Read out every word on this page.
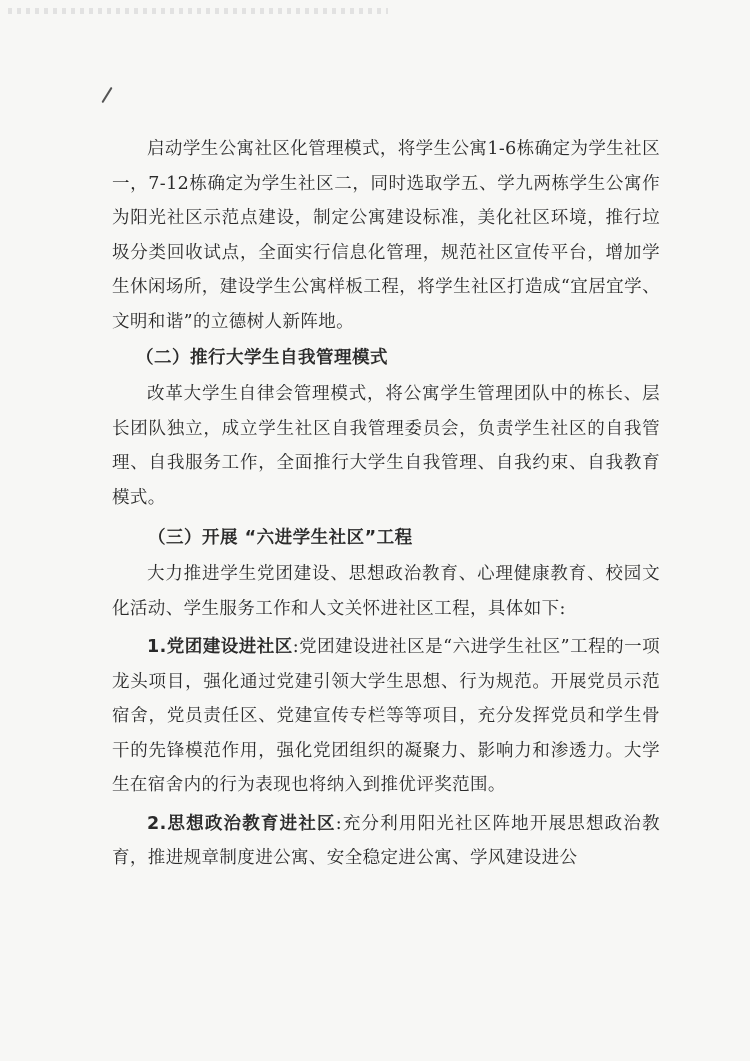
启动学生公寓社区化管理模式，将学生公寓1-6栋确定为学生社区一，7-12栋确定为学生社区二，同时选取学五、学九两栋学生公寓作为阳光社区示范点建设，制定公寓建设标准，美化社区环境，推行垃圾分类回收试点，全面实行信息化管理，规范社区宣传平台，增加学生休闲场所，建设学生公寓样板工程，将学生社区打造成“宜居宜学、文明和谐”的立德树人新阵地。

（二）推行大学生自我管理模式

改革大学生自律会管理模式，将公寓学生管理团队中的栋长、层长团队独立，成立学生社区自我管理委员会，负责学生社区的自我管理、自我服务工作，全面推行大学生自我管理、自我约束、自我教育模式。

（三）开展 “六进学生社区”工程

大力推进学生党团建设、思想政治教育、心理健康教育、校园文化活动、学生服务工作和人文关怀进社区工程，具体如下:

1.党团建设进社区:党团建设进社区是“六进学生社区”工程的一项龙头项目，强化通过党建引领大学生思想、行为规范。开展党员示范宿舍，党员责任区、党建宣传专栏等等项目，充分发挥党员和学生骨干的先锋模范作用，强化党团组织的凝聚力、影响力和渗透力。大学生在宿舍内的行为表现也将纳入到推优评奖范围。

2.思想政治教育进社区:充分利用阳光社区阵地开展思想政治教育，推进规章制度进公寓、安全稳定进公寓、学风建设进公
